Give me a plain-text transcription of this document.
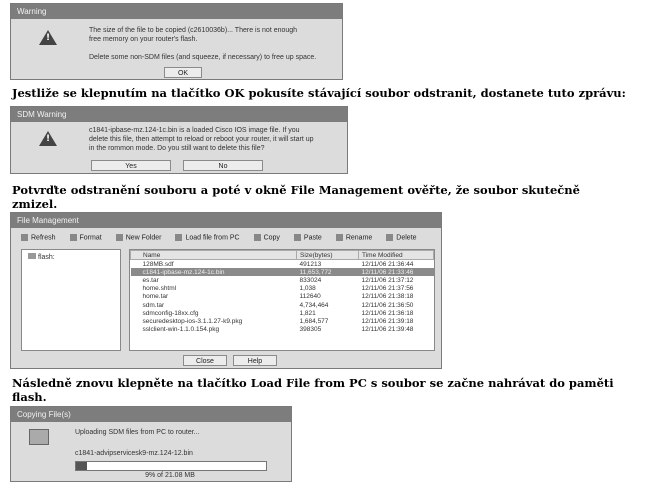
Warning
!
The size of the file to be copied (c2610036b)... There is not enough
free memory on your router's flash.
Delete some non-SDM files (and squeeze, if necessary) to free up space.
OK
Jestliže se klepnutím na tlačítko OK pokusíte stávající soubor odstranit, dostanete tuto zprávu:
SDM Warning
!
c1841-ipbase-mz.124-1c.bin is a loaded Cisco IOS image file. If you
delete this file, then attempt to reload or reboot your router, it will start up
in the rommon mode. Do you still want to delete this file?
Yes	No
Potvrďte odstranění souboru a poté v okně File Management ověřte, že soubor skutečně
zmizel.
File Management
Refresh	Format	New Folder	Load file from PC	Copy	Paste	Rename	Delete
flash:	Name	Size(bytes)	Time Modified
128MB.sdf	491213	12/11/06 21:36:44
c1841-ipbase-mz.124-1c.bin	11,653,772	12/11/06 21:33:46
es.tar	833024	12/11/06 21:37:12
home.shtml	1,038	12/11/06 21:37:56
home.tar	112640	12/11/06 21:38:18
sdm.tar	4,734,464	12/11/06 21:36:50
sdmconfig-18xx.cfg	1,821	12/11/06 21:36:18
securedesktop-ios-3.1.1.27-k9.pkg	1,684,577	12/11/06 21:39:18
sslclient-win-1.1.0.154.pkg	398305	12/11/06 21:39:48
Close	Help
Následně znovu klepněte na tlačítko Load File from PC s soubor se začne nahrávat do paměti
flash.
Copying File(s)
Uploading SDM files from PC to router...
c1841-advipservicesk9-mz.124-12.bin
9% of 21.08 MB
